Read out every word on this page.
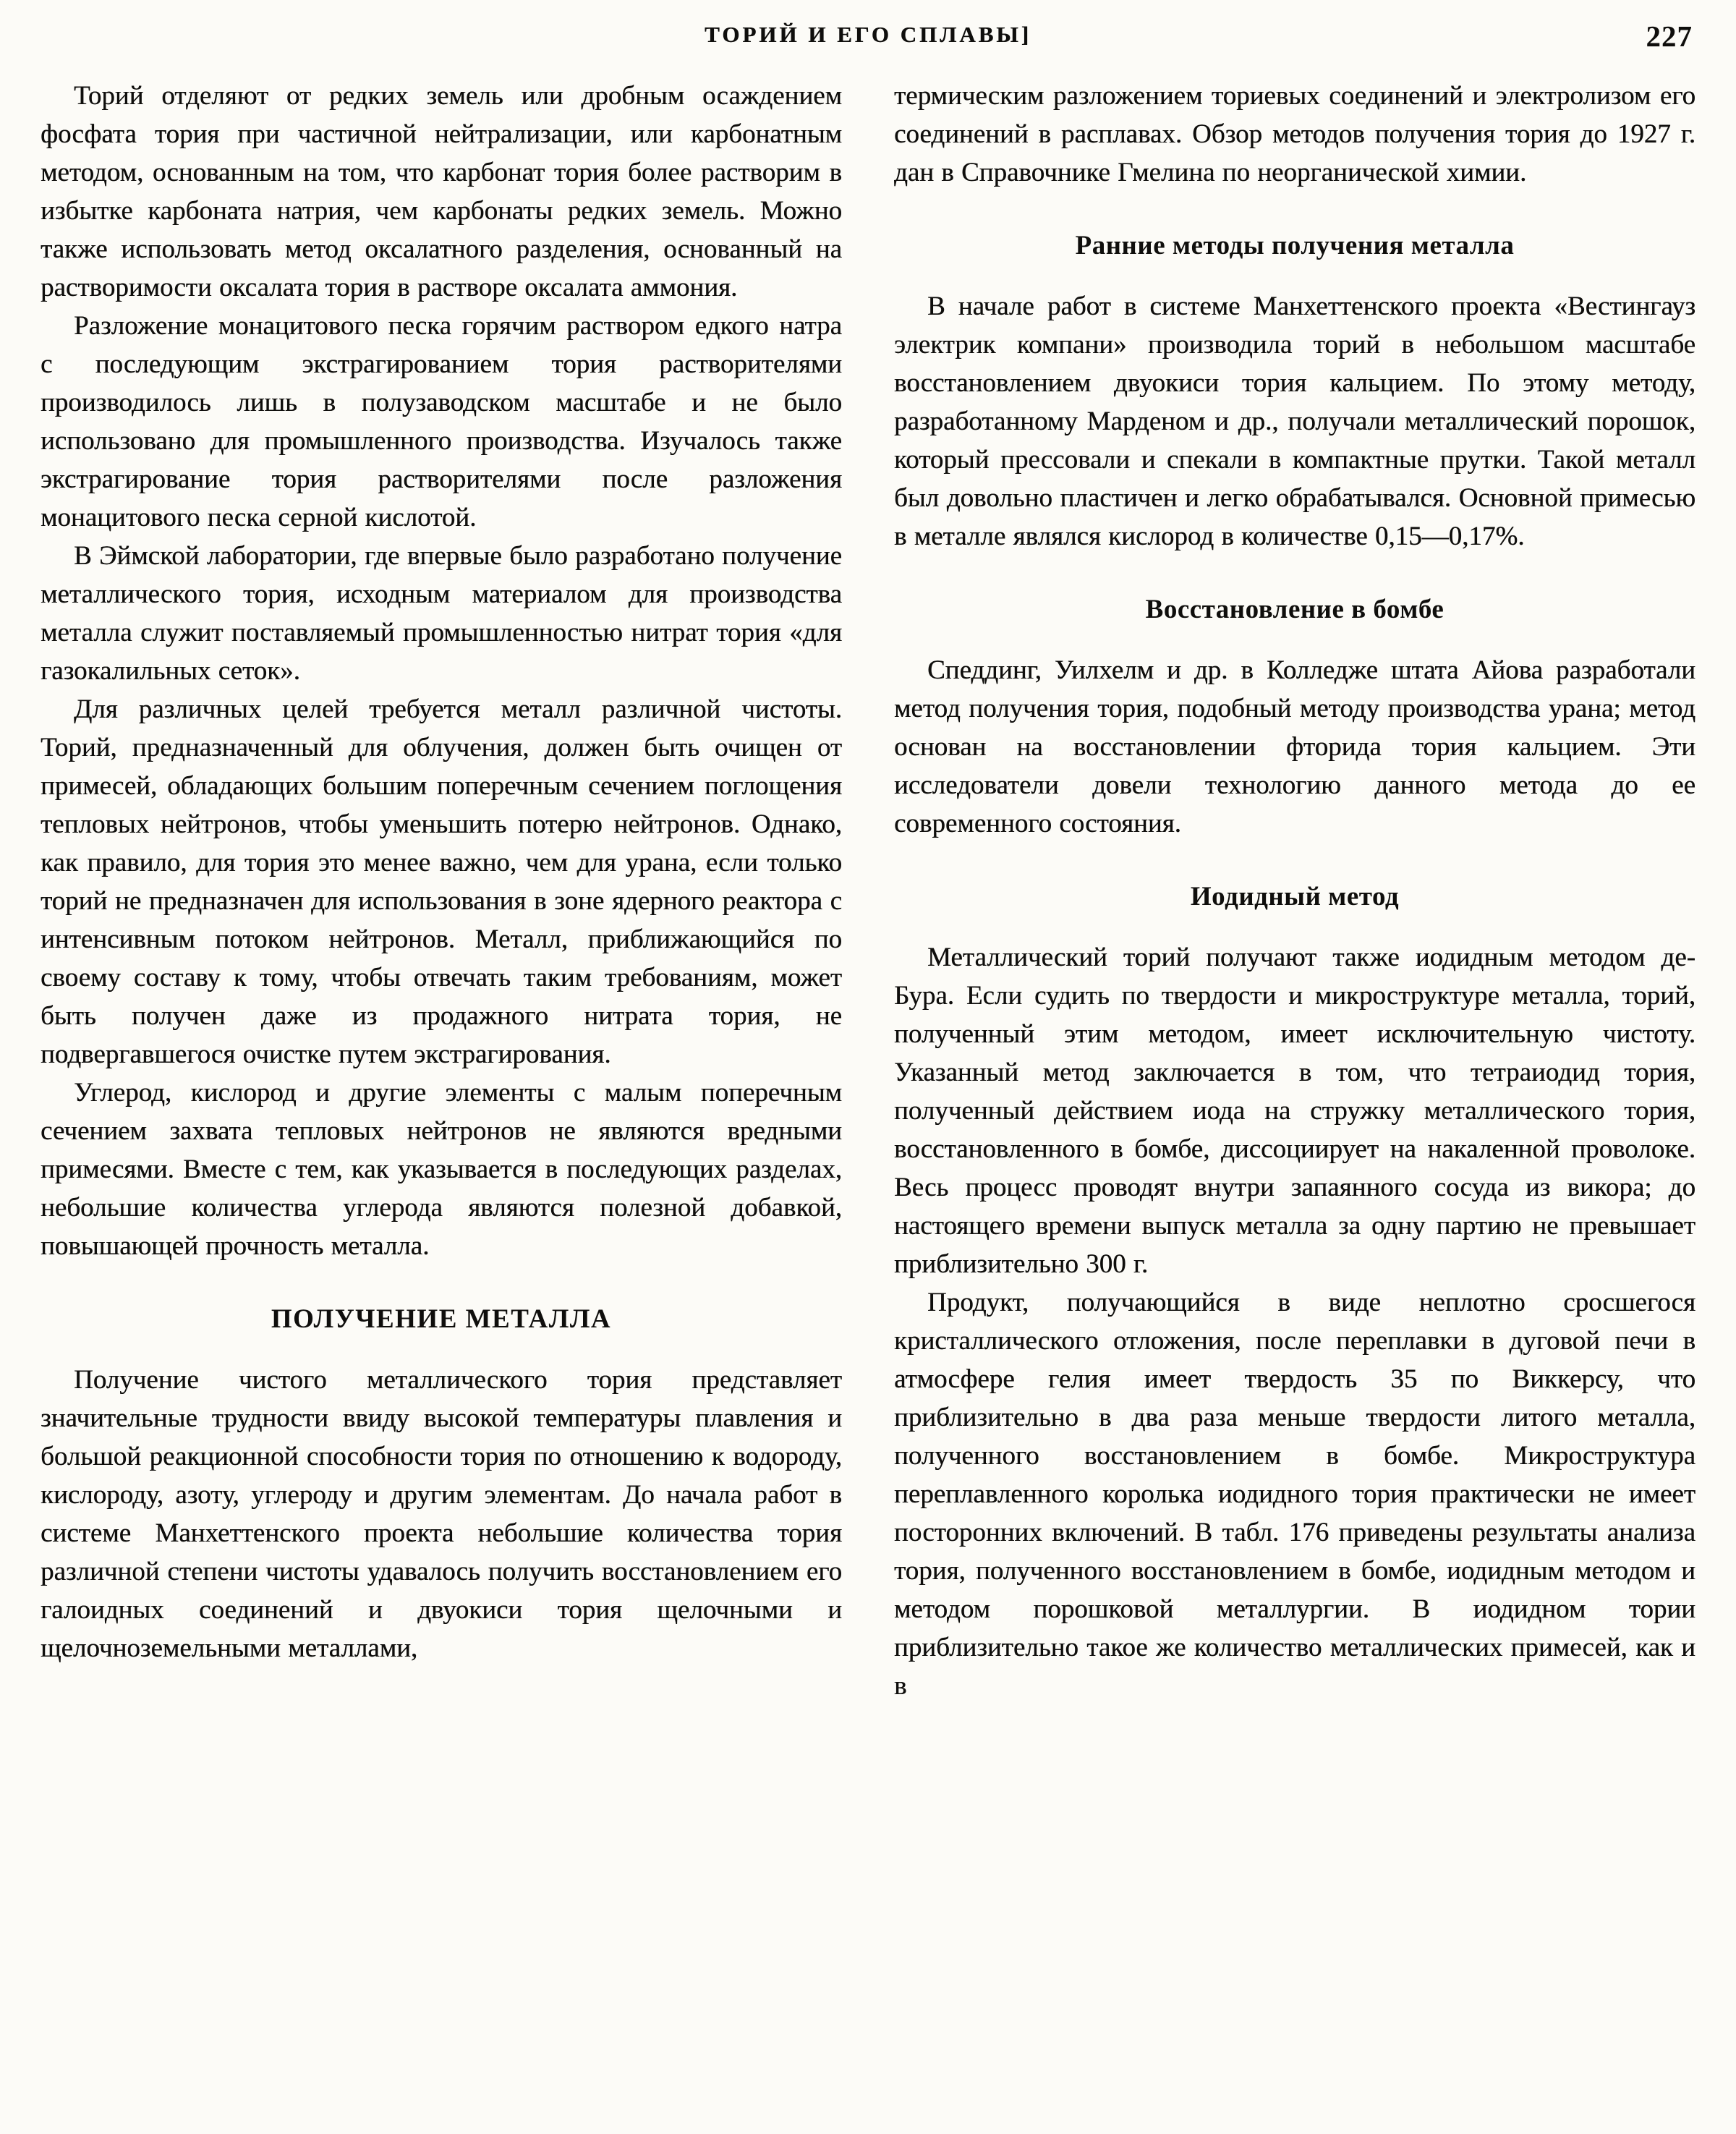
ТОРИЙ И ЕГО СПЛАВЫ]	227

Торий отделяют от редких земель или дробным осаждением фосфата тория при частичной нейтрализации, или карбонатным методом, основанным на том, что карбонат тория более растворим в избытке карбоната натрия, чем карбонаты редких земель. Можно также использовать метод оксалатного разделения, основанный на растворимости оксалата тория в растворе оксалата аммония.

Разложение монацитового песка горячим раствором едкого натра с последующим экстрагированием тория растворителями производилось лишь в полузаводском масштабе и не было использовано для промышленного производства. Изучалось также экстрагирование тория растворителями после разложения монацитового песка серной кислотой.

В Эймской лаборатории, где впервые было разработано получение металлического тория, исходным материалом для производства металла служит поставляемый промышленностью нитрат тория «для газокалильных сеток».

Для различных целей требуется металл различной чистоты. Торий, предназначенный для облучения, должен быть очищен от примесей, обладающих большим поперечным сечением поглощения тепловых нейтронов, чтобы уменьшить потерю нейтронов. Однако, как правило, для тория это менее важно, чем для урана, если только торий не предназначен для использования в зоне ядерного реактора с интенсивным потоком нейтронов. Металл, приближающийся по своему составу к тому, чтобы отвечать таким требованиям, может быть получен даже из продажного нитрата тория, не подвергавшегося очистке путем экстрагирования.

Углерод, кислород и другие элементы с малым поперечным сечением захвата тепловых нейтронов не являются вредными примесями. Вместе с тем, как указывается в последующих разделах, небольшие количества углерода являются полезной добавкой, повышающей прочность металла.

ПОЛУЧЕНИЕ МЕТАЛЛА

Получение чистого металлического тория представляет значительные трудности ввиду высокой температуры плавления и большой реакционной способности тория по отношению к водороду, кислороду, азоту, углероду и другим элементам. До начала работ в системе Манхеттенского проекта небольшие количества тория различной степени чистоты удавалось получить восстановлением его галоидных соединений и двуокиси тория щелочными и щелочноземельными металлами,

термическим разложением ториевых соединений и электролизом его соединений в расплавах. Обзор методов получения тория до 1927 г. дан в Справочнике Гмелина по неорганической химии.

Ранние методы получения металла

В начале работ в системе Манхеттенского проекта «Вестингауз электрик компани» производила торий в небольшом масштабе восстановлением двуокиси тория кальцием. По этому методу, разработанному Марденом и др., получали металлический порошок, который прессовали и спекали в компактные прутки. Такой металл был довольно пластичен и легко обрабатывался. Основной примесью в металле являлся кислород в количестве 0,15—0,17%.

Восстановление в бомбе

Спеддинг, Уилхелм и др. в Колледже штата Айова разработали метод получения тория, подобный методу производства урана; метод основан на восстановлении фторида тория кальцием. Эти исследователи довели технологию данного метода до ее современного состояния.

Иодидный метод

Металлический торий получают также иодидным методом де-Бура. Если судить по твердости и микроструктуре металла, торий, полученный этим методом, имеет исключительную чистоту. Указанный метод заключается в том, что тетраиодид тория, полученный действием иода на стружку металлического тория, восстановленного в бомбе, диссоциирует на накаленной проволоке. Весь процесс проводят внутри запаянного сосуда из викора; до настоящего времени выпуск металла за одну партию не превышает приблизительно 300 г.

Продукт, получающийся в виде неплотно сросшегося кристаллического отложения, после переплавки в дуговой печи в атмосфере гелия имеет твердость 35 по Виккерсу, что приблизительно в два раза меньше твердости литого металла, полученного восстановлением в бомбе. Микроструктура переплавленного королька иодидного тория практически не имеет посторонних включений. В табл. 176 приведены результаты анализа тория, полученного восстановлением в бомбе, иодидным методом и методом порошковой металлургии. В иодидном тории приблизительно такое же количество металлических примесей, как и в
